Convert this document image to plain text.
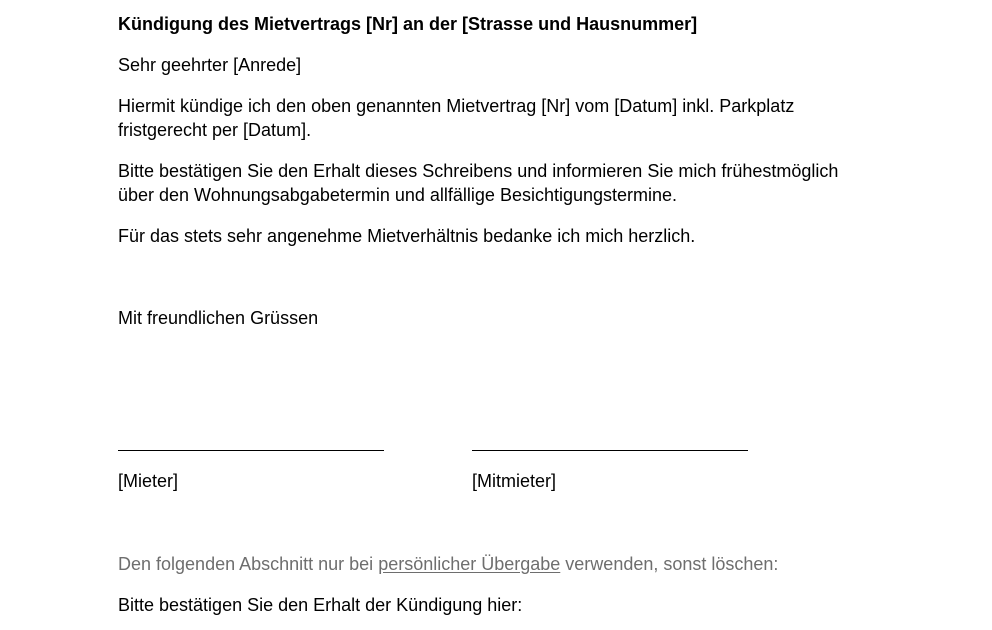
Kündigung des Mietvertrags [Nr] an der [Strasse und Hausnummer]
Sehr geehrter [Anrede]
Hiermit kündige ich den oben genannten Mietvertrag [Nr] vom [Datum] inkl. Parkplatz
fristgerecht per [Datum].
Bitte bestätigen Sie den Erhalt dieses Schreibens und informieren Sie mich frühestmöglich
über den Wohnungsabgabetermin und allfällige Besichtigungstermine.
Für das stets sehr angenehme Mietverhältnis bedanke ich mich herzlich.
Mit freundlichen Grüssen
[Mieter]	[Mitmieter]
Den folgenden Abschnitt nur bei persönlicher Übergabe verwenden, sonst löschen:
Bitte bestätigen Sie den Erhalt der Kündigung hier:
